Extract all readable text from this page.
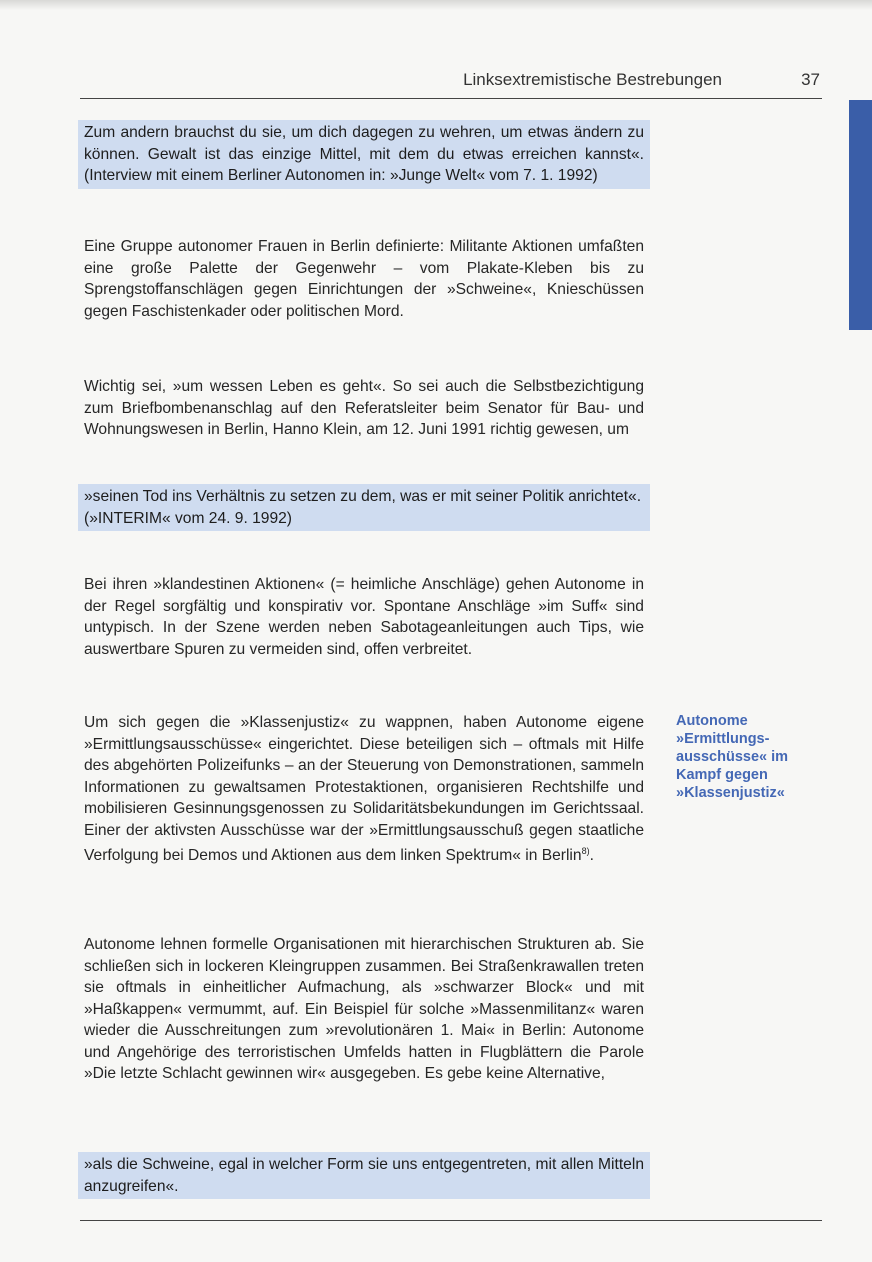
Linksextremistische Bestrebungen	37
Zum andern brauchst du sie, um dich dagegen zu wehren, um etwas ändern zu können. Gewalt ist das einzige Mittel, mit dem du etwas erreichen kannst«. (Interview mit einem Berliner Autonomen in: »Junge Welt« vom 7. 1. 1992)

Eine Gruppe autonomer Frauen in Berlin definierte: Militante Aktionen umfaßten eine große Palette der Gegenwehr – vom Plakate-Kleben bis zu Sprengstoffanschlägen gegen Einrichtungen der »Schweine«, Knieschüssen gegen Faschistenkader oder politischen Mord.

Wichtig sei, »um wessen Leben es geht«. So sei auch die Selbstbezichtigung zum Briefbombenanschlag auf den Referatsleiter beim Senator für Bau- und Wohnungswesen in Berlin, Hanno Klein, am 12. Juni 1991 richtig gewesen, um

»seinen Tod ins Verhältnis zu setzen zu dem, was er mit seiner Politik anrichtet«.
(»INTERIM« vom 24. 9. 1992)

Bei ihren »klandestinen Aktionen« (= heimliche Anschläge) gehen Autonome in der Regel sorgfältig und konspirativ vor. Spontane Anschläge »im Suff« sind untypisch. In der Szene werden neben Sabotageanleitungen auch Tips, wie auswertbare Spuren zu vermeiden sind, offen verbreitet.

Um sich gegen die »Klassenjustiz« zu wappnen, haben Autonome eigene »Ermittlungsausschüsse« eingerichtet. Diese beteiligen sich – oftmals mit Hilfe des abgehörten Polizeifunks – an der Steuerung von Demonstrationen, sammeln Informationen zu gewaltsamen Protestaktionen, organisieren Rechtshilfe und mobilisieren Gesinnungsgenossen zu Solidaritätsbekundungen im Gerichtssaal. Einer der aktivsten Ausschüsse war der »Ermittlungsausschuß gegen staatliche Verfolgung bei Demos und Aktionen aus dem linken Spektrum« in Berlin$^{8)}$.

Autonome lehnen formelle Organisationen mit hierarchischen Strukturen ab. Sie schließen sich in lockeren Kleingruppen zusammen. Bei Straßenkrawallen treten sie oftmals in einheitlicher Aufmachung, als »schwarzer Block« und mit »Haßkappen« vermummt, auf. Ein Beispiel für solche »Massenmilitanz« waren wieder die Ausschreitungen zum »revolutionären 1. Mai« in Berlin: Autonome und Angehörige des terroristischen Umfelds hatten in Flugblättern die Parole »Die letzte Schlacht gewinnen wir« ausgegeben. Es gebe keine Alternative,

»als die Schweine, egal in welcher Form sie uns entgegentreten, mit allen Mitteln anzugreifen«.
Autonome
»Ermittlungs-
ausschüsse« im
Kampf gegen
»Klassenjustiz«
